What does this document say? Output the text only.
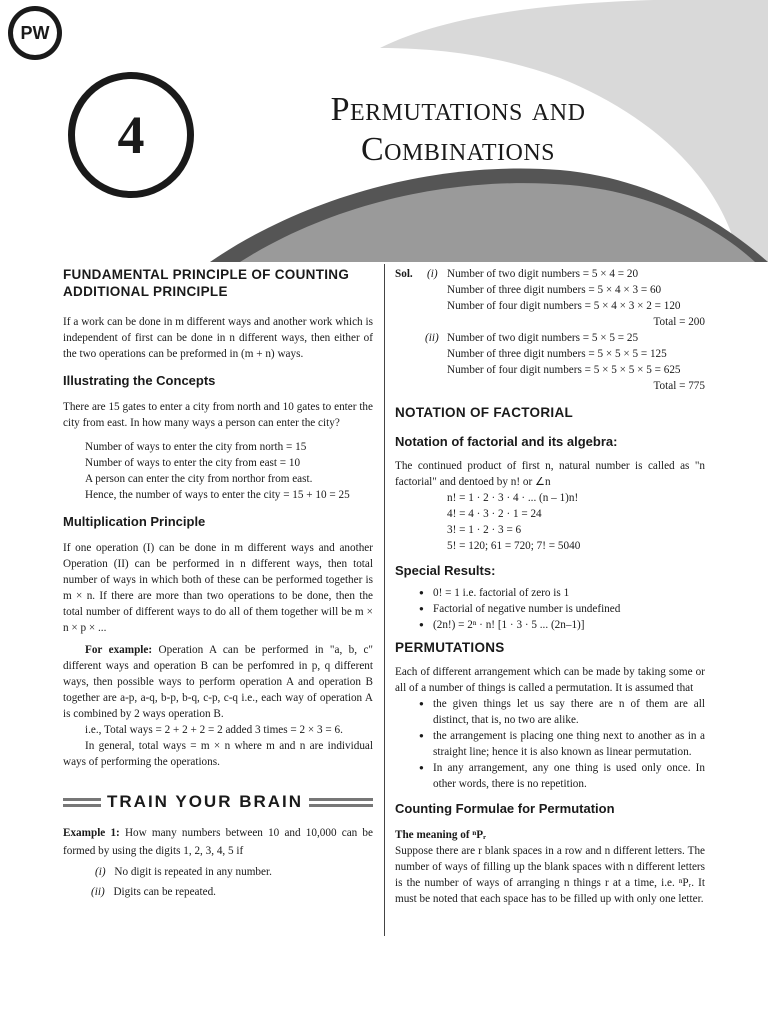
PW
4	Permutations and
Combinations
FUNDAMENTAL PRINCIPLE OF COUNTING
ADDITIONAL PRINCIPLE
If a work can be done in m different ways and another work which is independent of first can be done in n different ways, then either of the two operations can be preformed in (m + n) ways.
Illustrating the Concepts
There are 15 gates to enter a city from north and 10 gates to enter the city from east. In how many ways a person can enter the city?
Number of ways to enter the city from north = 15
Number of ways to enter the city from east = 10
A person can enter the city from northor from east.
Hence, the number of ways to enter the city = 15 + 10 = 25
Multiplication Principle
If one operation (I) can be done in m different ways and another Operation (II) can be performed in n different ways, then total number of ways in which both of these can be performed together is m × n. If there are more than two operations to be done, then the total number of different ways to do all of them together will be m × n × p × ...
For example: Operation A can be performed in "a, b, c" different ways and operation B can be perfomred in p, q different ways, then possible ways to perform operation A and operation B together are a-p, a-q, b-p, b-q, c-p, c-q i.e., each way of operation A is combined by 2 ways operation B.
i.e., Total ways = 2 + 2 + 2 = 2 added 3 times = 2 × 3 = 6.
In general, total ways = m × n where m and n are individual ways of performing the operations.
TRAIN YOUR BRAIN
Example 1: How many numbers between 10 and 10,000 can be formed by using the digits 1, 2, 3, 4, 5 if
(i) No digit is repeated in any number.
(ii) Digits can be repeated.
Sol. (i) Number of two digit numbers = 5 × 4 = 20
Number of three digit numbers = 5 × 4 × 3 = 60
Number of four digit numbers = 5 × 4 × 3 × 2 = 120
Total = 200
(ii) Number of two digit numbers = 5 × 5 = 25
Number of three digit numbers = 5 × 5 × 5 = 125
Number of four digit numbers = 5 × 5 × 5 × 5 = 625
Total = 775
NOTATION OF FACTORIAL
Notation of factorial and its algebra:
The continued product of first n, natural number is called as "n factorial" and dentoed by n! or ∠n
n! = 1 · 2 · 3 · 4 · ... (n – 1)n!
4! = 4 · 3 · 2 · 1 = 24
3! = 1 · 2 · 3 = 6
5! = 120; 61 = 720; 7! = 5040
Special Results:
● 0! = 1 i.e. factorial of zero is 1
● Factorial of negative number is undefined
● (2n!) = 2ⁿ · n! [1 · 3 · 5 ... (2n–1)]
PERMUTATIONS
Each of different arrangement which can be made by taking some or all of a number of things is called a permutation. It is assumed that
● the given things let us say there are n of them are all distinct, that is, no two are alike.
● the arrangement is placing one thing next to another as in a straight line; hence it is also known as linear permutation.
● In any arrangement, any one thing is used only once. In other words, there is no repetition.
Counting Formulae for Permutation
The meaning of ⁿPᵣ
Suppose there are r blank spaces in a row and n different letters. The number of ways of filling up the blank spaces with n different letters is the number of ways of arranging n things r at a time, i.e. ⁿPᵣ. It must be noted that each space has to be filled up with only one letter.
